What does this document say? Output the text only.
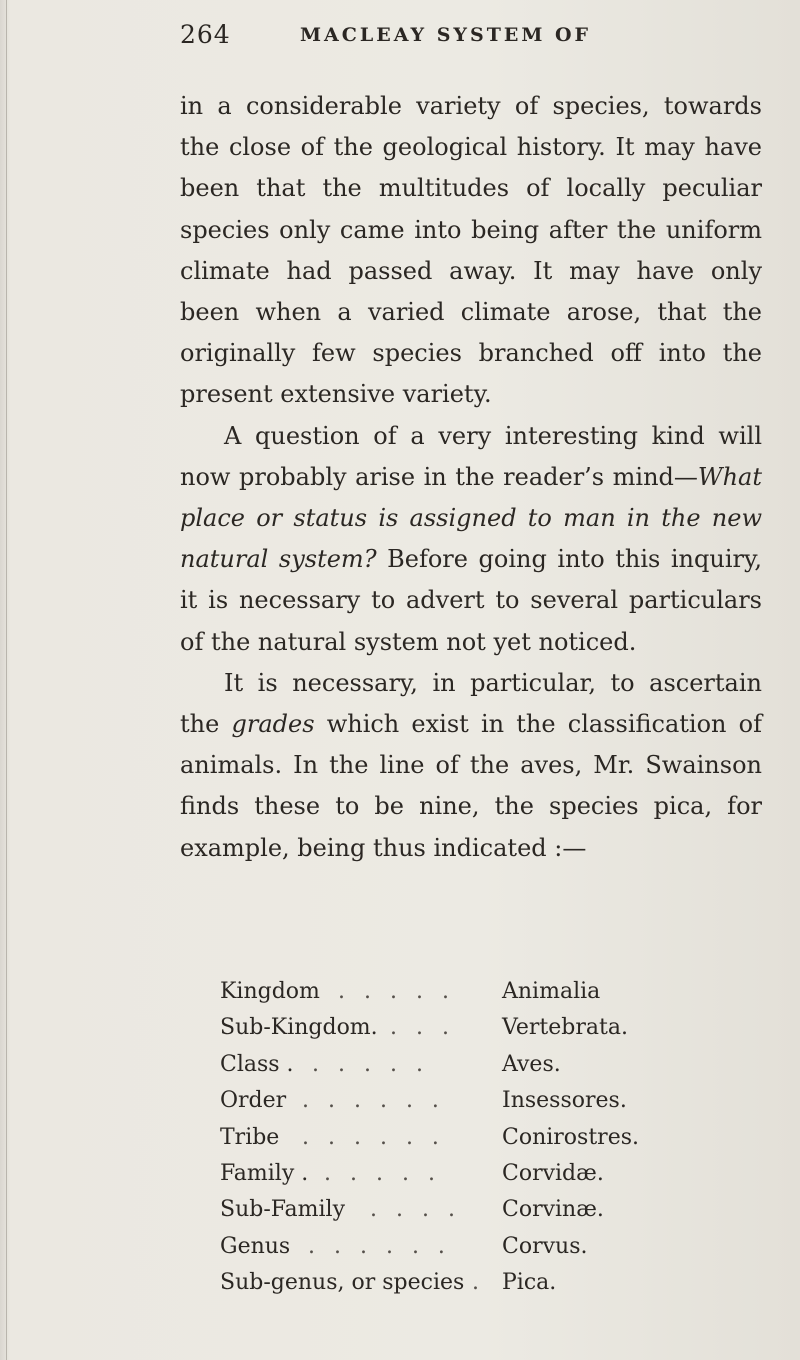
264	MACLEAY SYSTEM OF

in a considerable variety of species, towards the close of the geological history. It may have been that the multitudes of locally peculiar species only came into being after the uniform climate had passed away. It may have only been when a varied climate arose, that the originally few species branched off into the present extensive variety.

A question of a very interesting kind will now probably arise in the reader’s mind—What place or status is assigned to man in the new natural system? Before going into this inquiry, it is necessary to advert to several particulars of the natural system not yet noticed.

It is necessary, in particular, to ascertain the grades which exist in the classification of animals. In the line of the aves, Mr. Swainson finds these to be nine, the species pica, for example, being thus indicated :—

Kingdom . . . . . Animalia
Sub-Kingdom. . . . Vertebrata.
Class . . . . . .	Aves.
Order . . . . . .	Insessores.
Tribe . . . . . .	Conirostres.
Family . . . . . .	Corvidæ.
Sub-Family . . . . Corvinæ.
Genus . . . . . . Corvus.
Sub-genus, or species . Pica.
